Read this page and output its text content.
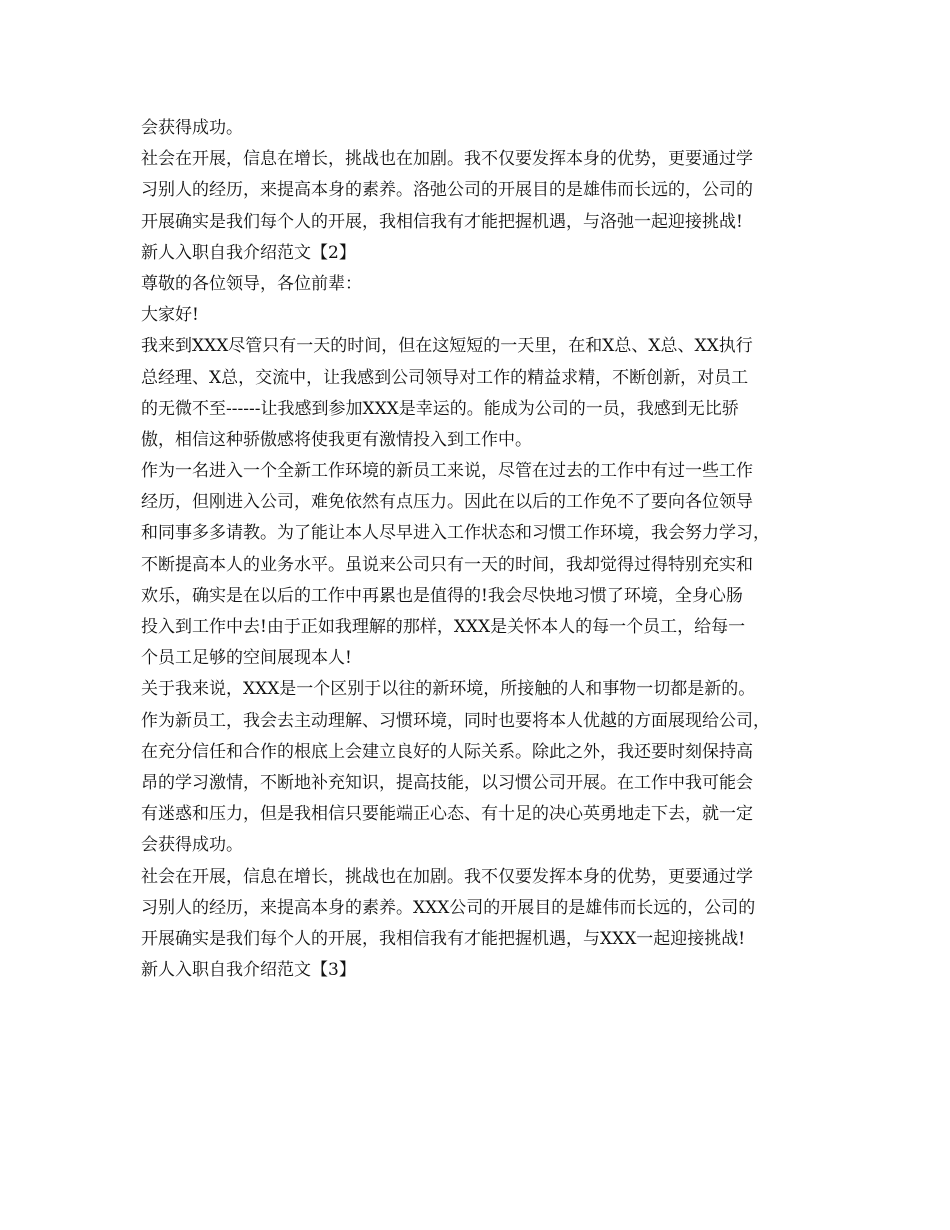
会获得成功。
社会在开展，信息在增长，挑战也在加剧。我不仅要发挥本身的优势，更要通过学
习别人的经历，来提高本身的素养。洛弛公司的开展目的是雄伟而长远的，公司的
开展确实是我们每个人的开展，我相信我有才能把握机遇，与洛弛一起迎接挑战!
新人入职自我介绍范文【2】
尊敬的各位领导，各位前辈：
大家好!
我来到XXX尽管只有一天的时间，但在这短短的一天里，在和X总、X总、XX执行
总经理、X总，交流中，让我感到公司领导对工作的精益求精，不断创新，对员工
的无微不至------让我感到参加XXX是幸运的。能成为公司的一员，我感到无比骄
傲，相信这种骄傲感将使我更有激情投入到工作中。
作为一名进入一个全新工作环境的新员工来说，尽管在过去的工作中有过一些工作
经历，但刚进入公司，难免依然有点压力。因此在以后的工作免不了要向各位领导
和同事多多请教。为了能让本人尽早进入工作状态和习惯工作环境，我会努力学习，
不断提高本人的业务水平。虽说来公司只有一天的时间，我却觉得过得特别充实和
欢乐，确实是在以后的工作中再累也是值得的!我会尽快地习惯了环境，全身心肠
投入到工作中去!由于正如我理解的那样，XXX是关怀本人的每一个员工，给每一
个员工足够的空间展现本人!
关于我来说，XXX是一个区别于以往的新环境，所接触的人和事物一切都是新的。
作为新员工，我会去主动理解、习惯环境，同时也要将本人优越的方面展现给公司，
在充分信任和合作的根底上会建立良好的人际关系。除此之外，我还要时刻保持高
昂的学习激情，不断地补充知识，提高技能，以习惯公司开展。在工作中我可能会
有迷惑和压力，但是我相信只要能端正心态、有十足的决心英勇地走下去，就一定
会获得成功。
社会在开展，信息在增长，挑战也在加剧。我不仅要发挥本身的优势，更要通过学
习别人的经历，来提高本身的素养。XXX公司的开展目的是雄伟而长远的，公司的
开展确实是我们每个人的开展，我相信我有才能把握机遇，与XXX一起迎接挑战!
新人入职自我介绍范文【3】
